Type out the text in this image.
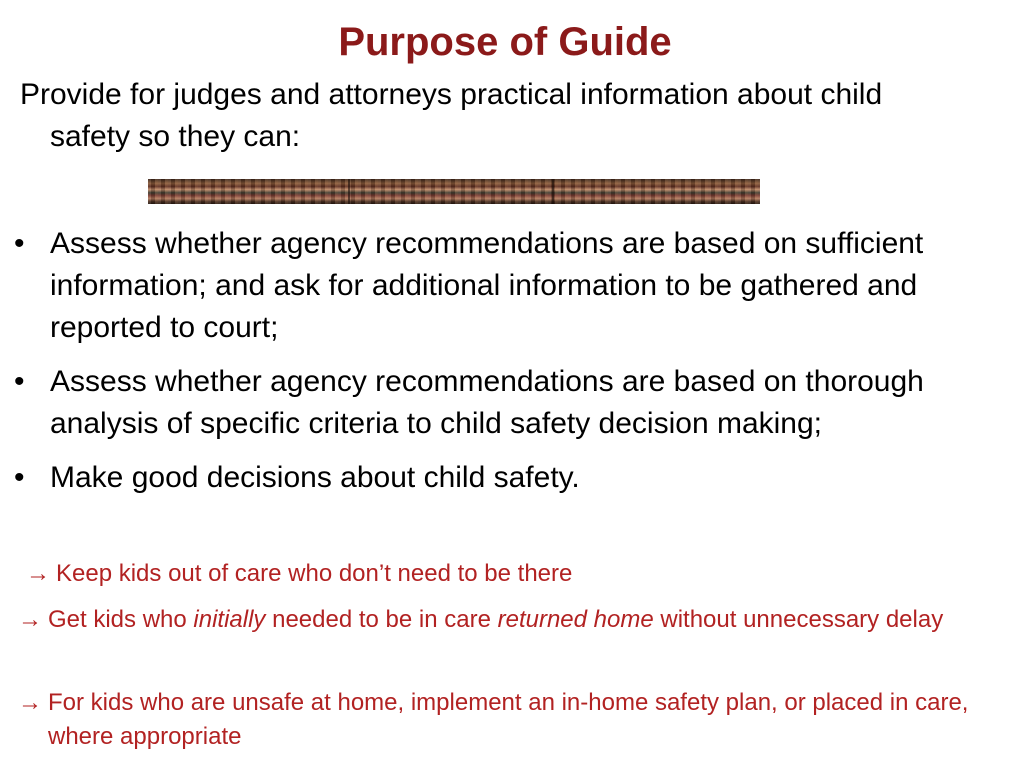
Purpose of Guide
Provide for judges and attorneys practical information about child safety so they can:
• Assess whether agency recommendations are based on sufficient information; and ask for additional information to be gathered and reported to court;
• Assess whether agency recommendations are based on thorough analysis of specific criteria to child safety decision making;
• Make good decisions about child safety.
→ Keep kids out of care who don’t need to be there
→ Get kids who initially needed to be in care returned home without unnecessary delay
→ For kids who are unsafe at home, implement an in-home safety plan, or placed in care, where appropriate
